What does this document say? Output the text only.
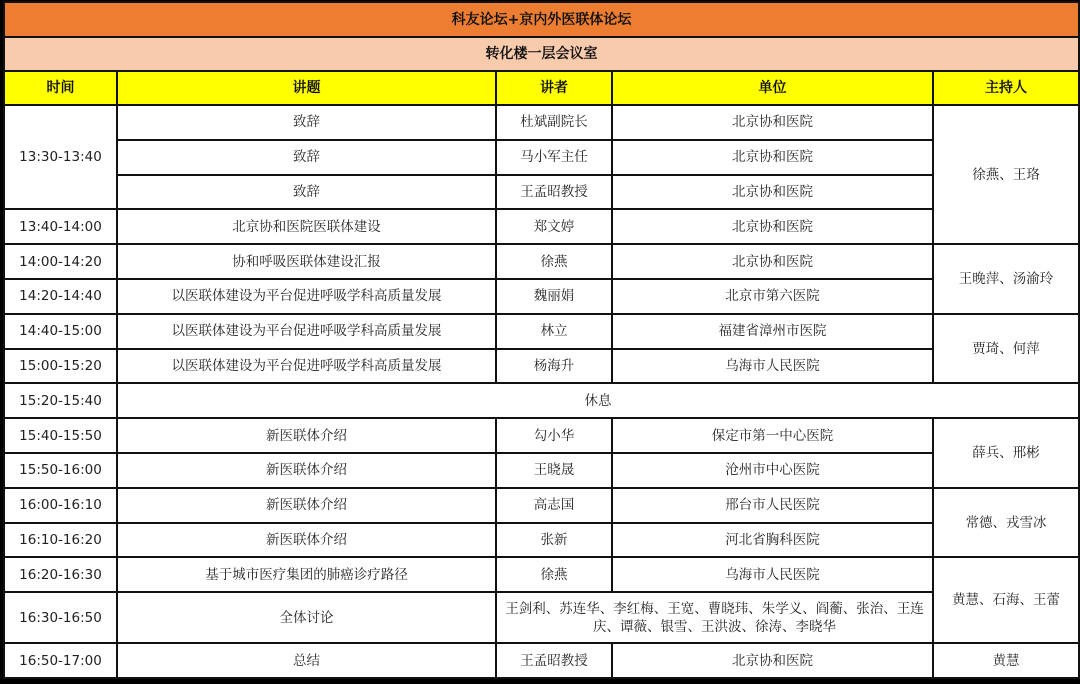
科友论坛+京内外医联体论坛				
转化楼一层会议室				
时间	讲题	讲者	单位	主持人
13:30-13:40	致辞	杜斌副院长	北京协和医院	徐燕、王珞
	致辞	马小军主任	北京协和医院	
	致辞	王孟昭教授	北京协和医院	
13:40-14:00	北京协和医院医联体建设	郑文婷	北京协和医院	
14:00-14:20	协和呼吸医联体建设汇报	徐燕	北京协和医院	王晚萍、汤渝玲
14:20-14:40	以医联体建设为平台促进呼吸学科高质量发展	魏丽娟	北京市第六医院	
14:40-15:00	以医联体建设为平台促进呼吸学科高质量发展	林立	福建省漳州市医院	贾琦、何萍
15:00-15:20	以医联体建设为平台促进呼吸学科高质量发展	杨海升	乌海市人民医院	
15:20-15:40	休息			
15:40-15:50	新医联体介绍	勾小华	保定市第一中心医院	薛兵、邢彬
15:50-16:00	新医联体介绍	王晓晟	沧州市中心医院	
16:00-16:10	新医联体介绍	高志国	邢台市人民医院	常德、戎雪冰
16:10-16:20	新医联体介绍	张新	河北省胸科医院	
16:20-16:30	基于城市医疗集团的肺癌诊疗路径	徐燕	乌海市人民医院	黄慧、石海、王蕾
16:30-16:50	全体讨论	王剑利、苏连华、李红梅、王宽、曹晓玮、朱学义、阎蘅、张治、王连庆、谭薇、银雪、王洪波、徐涛、李晓华		
16:50-17:00	总结	王孟昭教授	北京协和医院	黄慧
